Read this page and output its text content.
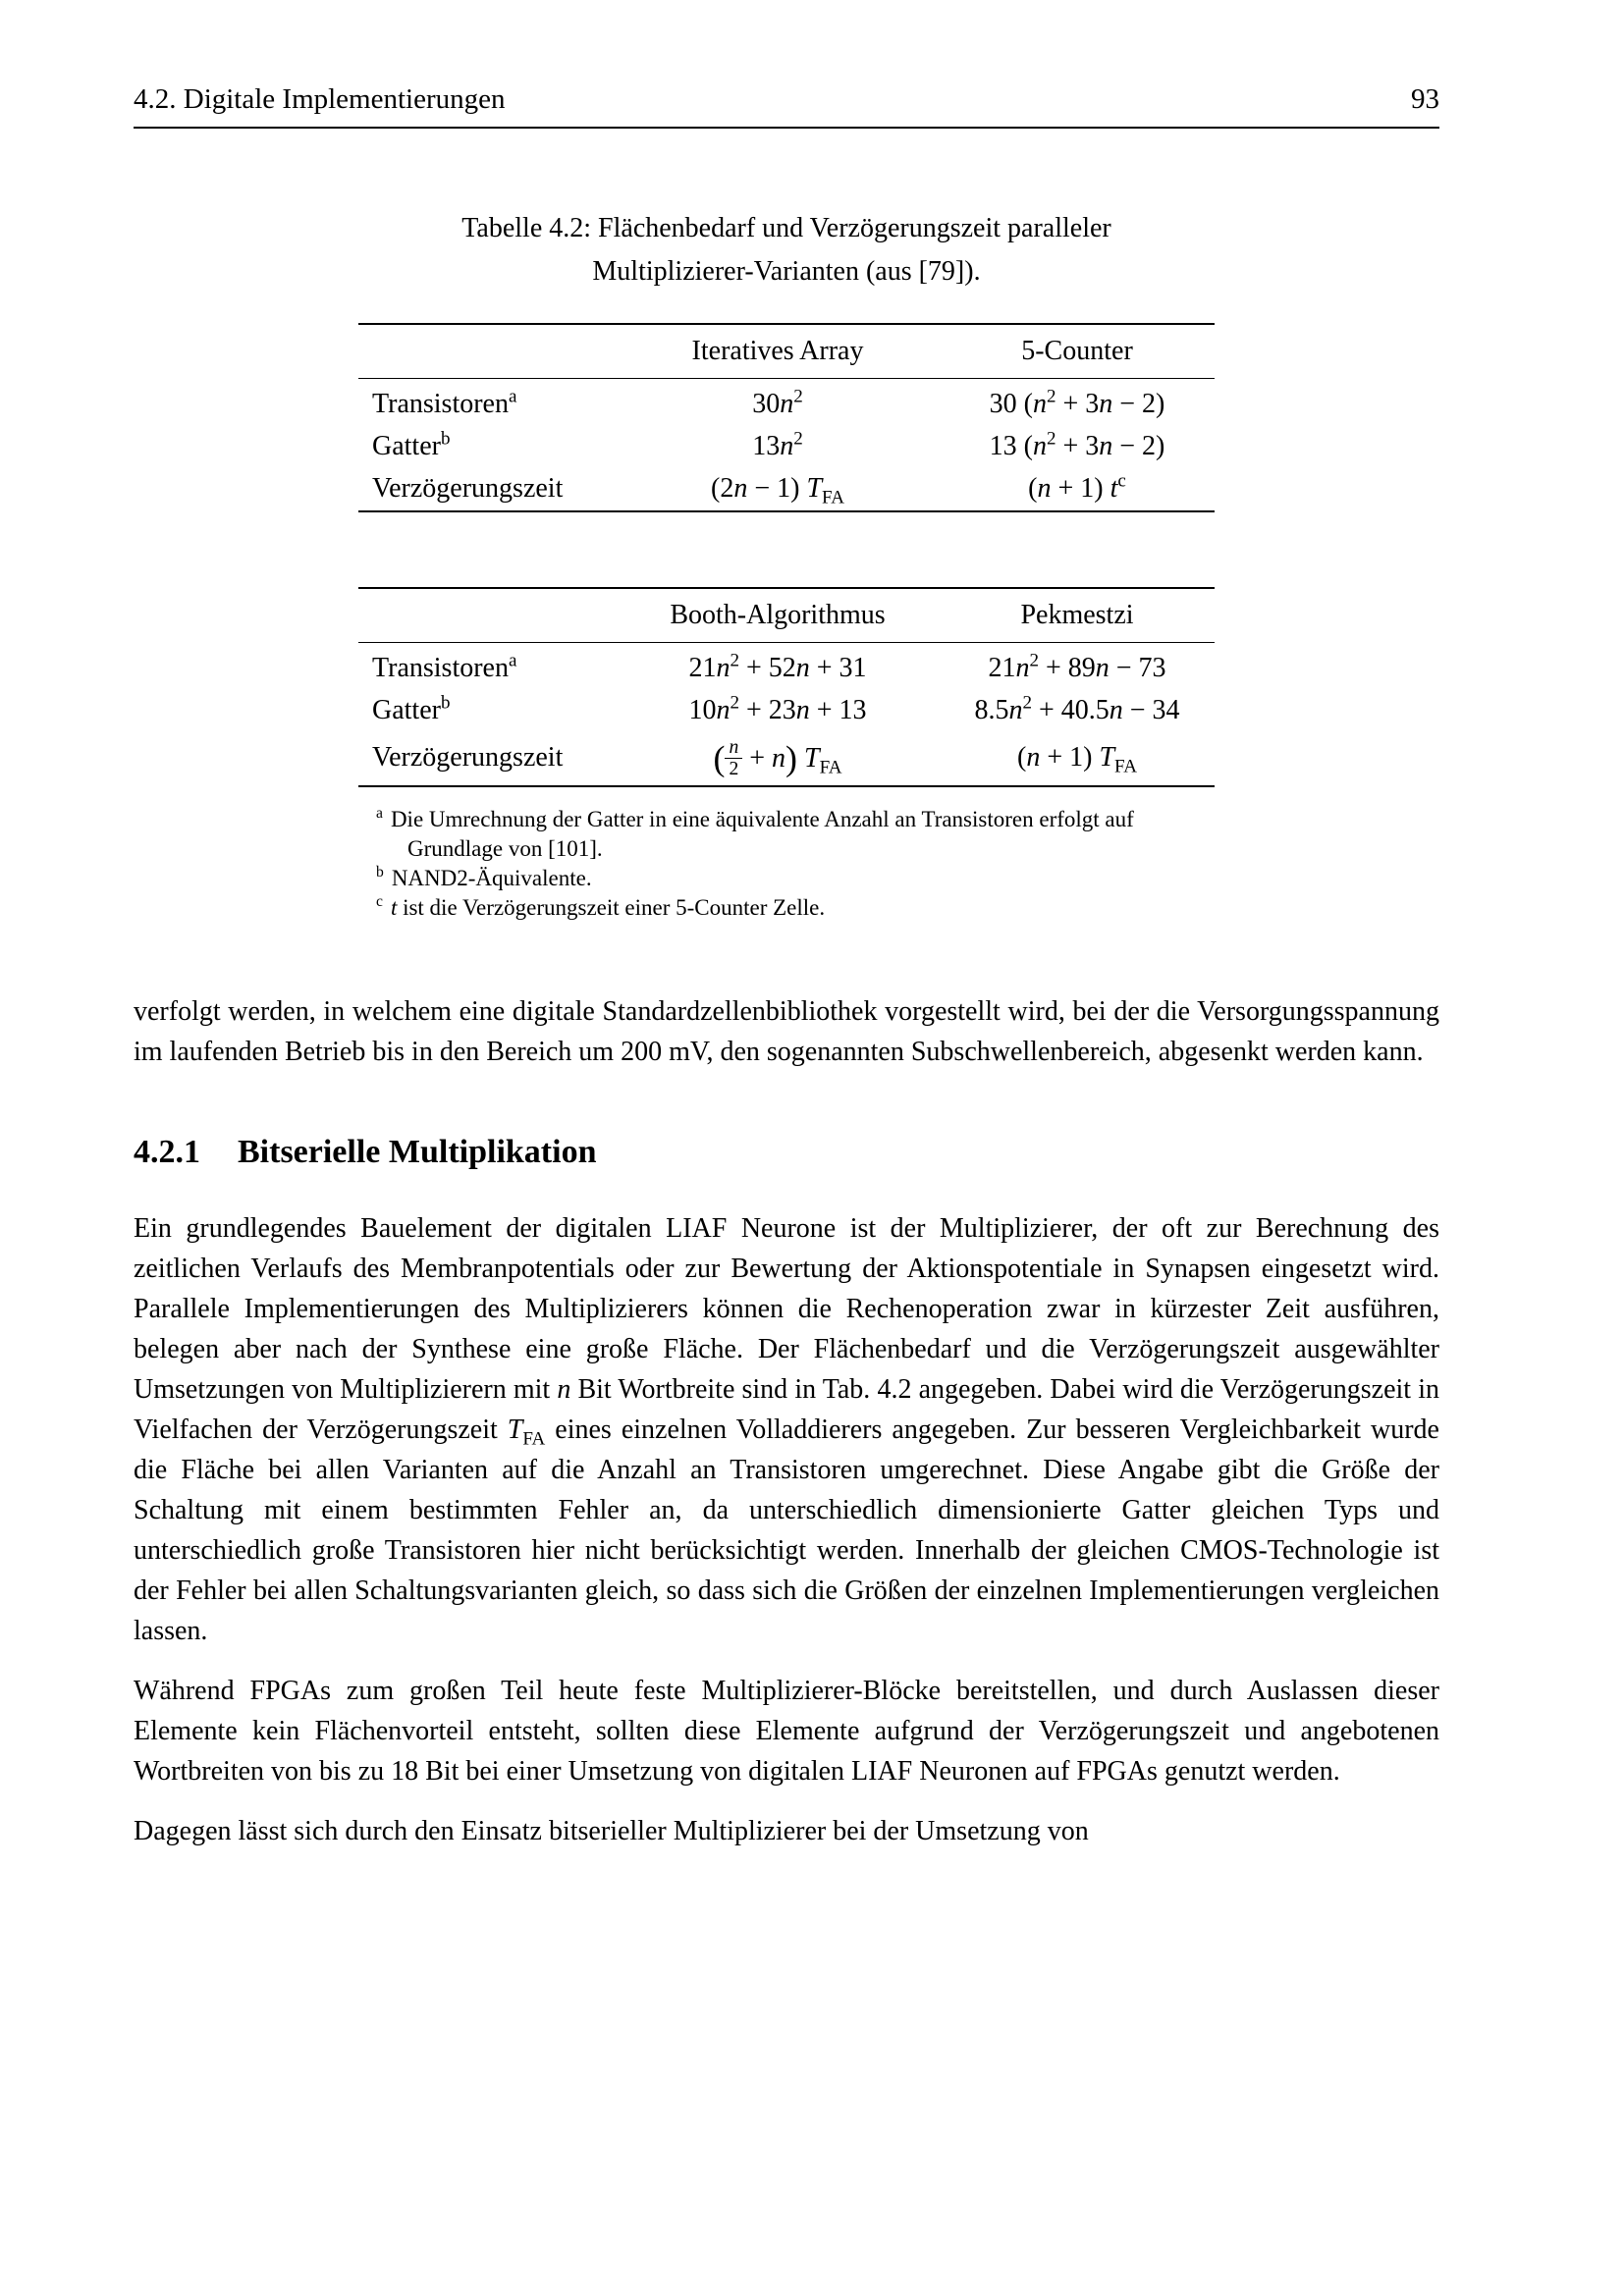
4.2. Digitale Implementierungen	93
Tabelle 4.2: Flächenbedarf und Verzögerungszeit paralleler
Multiplizierer-Varianten (aus [79]).
	Iteratives Array	5-Counter
Transistoren$^a$	$30n^2$	30 $(n^2 + 3n - 2)$
Gatter$^b$	$13n^2$	13 $(n^2 + 3n - 2)$
Verzögerungszeit	(2n − 1) $T_{FA}$	(n + 1) $t^c$
	Booth-Algorithmus	Pekmestzi
Transistoren$^a$	$21n^2 + 52n + 31$	$21n^2 + 89n - 73$
Gatter$^b$	$10n^2 + 23n + 13$	$8.5n^2 + 40.5n - 34$
Verzögerungszeit	( $\frac{n}{2} + n$) $T_{FA}$	(n + 1) $T_{FA}$
$^a$ Die Umrechnung der Gatter in eine äquivalente Anzahl an Transistoren erfolgt auf Grundlage von [101].
$^b$ NAND2-Äquivalente.
$^c$ t ist die Verzögerungszeit einer 5-Counter Zelle.

verfolgt werden, in welchem eine digitale Standardzellenbibliothek vorgestellt wird, bei der die Versorgungsspannung im laufenden Betrieb bis in den Bereich um 200 mV, den sogenannten Subschwellenbereich, abgesenkt werden kann.

4.2.1 Bitserielle Multiplikation

Ein grundlegendes Bauelement der digitalen LIAF Neurone ist der Multiplizierer, der oft zur Berechnung des zeitlichen Verlaufs des Membranpotentials oder zur Bewertung der Aktionspotentiale in Synapsen eingesetzt wird. Parallele Implementierungen des Multiplizierers können die Rechenoperation zwar in kürzester Zeit ausführen, belegen aber nach der Synthese eine große Fläche. Der Flächenbedarf und die Verzögerungszeit ausgewählter Umsetzungen von Multiplizierern mit n Bit Wortbreite sind in Tab. 4.2 angegeben. Dabei wird die Verzögerungszeit in Vielfachen der Verzögerungszeit $T_{FA}$ eines einzelnen Volladdierers angegeben. Zur besseren Vergleichbarkeit wurde die Fläche bei allen Varianten auf die Anzahl an Transistoren umgerechnet. Diese Angabe gibt die Größe der Schaltung mit einem bestimmten Fehler an, da unterschiedlich dimensionierte Gatter gleichen Typs und unterschiedlich große Transistoren hier nicht berücksichtigt werden. Innerhalb der gleichen CMOS-Technologie ist der Fehler bei allen Schaltungsvarianten gleich, so dass sich die Größen der einzelnen Implementierungen vergleichen lassen.

Während FPGAs zum großen Teil heute feste Multiplizierer-Blöcke bereitstellen, und durch Auslassen dieser Elemente kein Flächenvorteil entsteht, sollten diese Elemente aufgrund der Verzögerungszeit und angebotenen Wortbreiten von bis zu 18 Bit bei einer Umsetzung von digitalen LIAF Neuronen auf FPGAs genutzt werden.

Dagegen lässt sich durch den Einsatz bitserieller Multiplizierer bei der Umsetzung von
